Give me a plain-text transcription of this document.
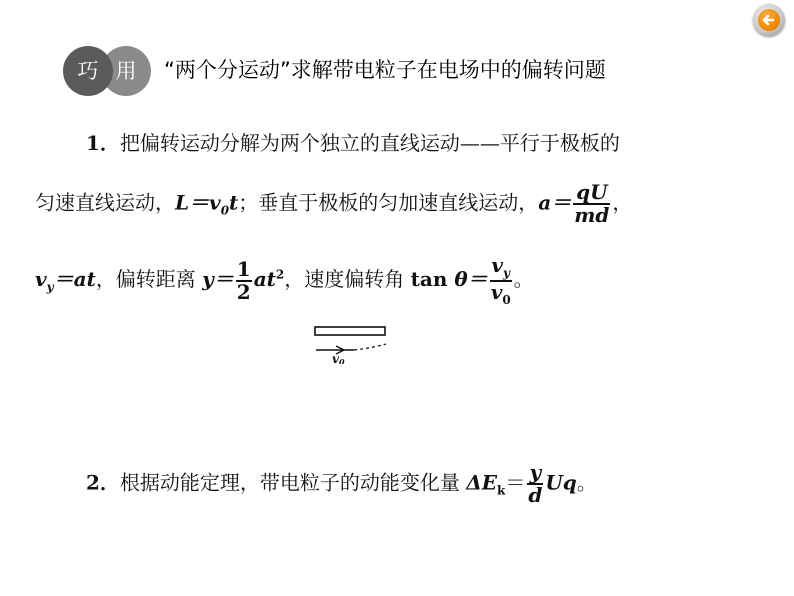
巧 用	“两个分运动”求解带电粒子在电场中的偏转问题
1．把偏转运动分解为两个独立的直线运动——平行于极板的
匀速直线运动，$L=v_0t$；垂直于极板的匀加速直线运动，$a= \frac{qU}{md}$ ，
$v_y=at$，偏转距离 $y= \frac{1}{2} at^2$，速度偏转角 $\tan \theta= \frac{v_y}{v_0}$ 。
v0
2．根据动能定理，带电粒子的动能变化量 $\Delta E_k= \frac{y}{d}$ Uq。
